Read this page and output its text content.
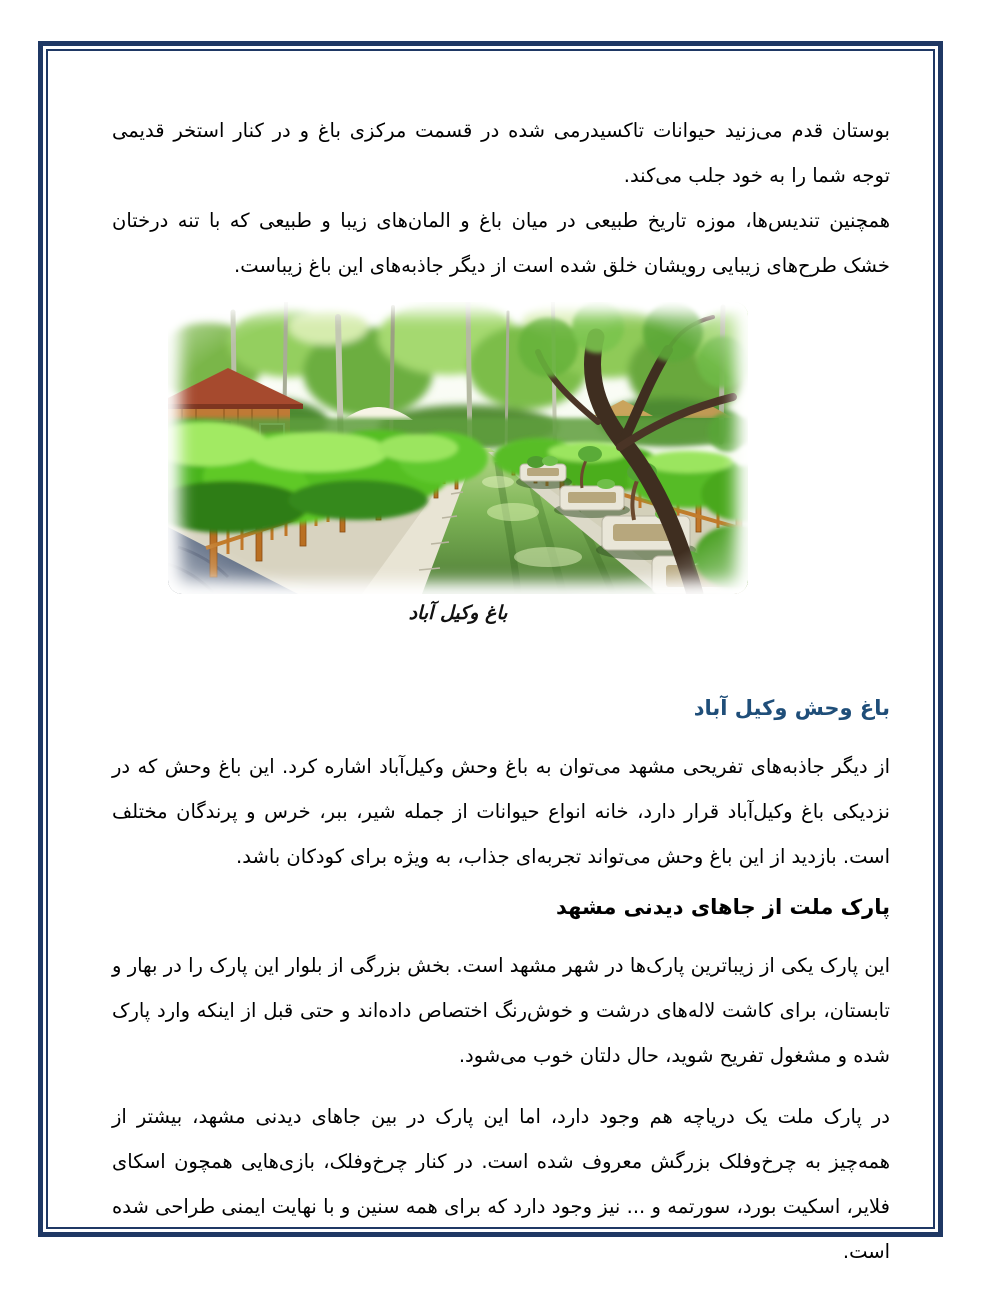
بوستان قدم می‌زنید حیوانات تاکسیدرمی شده در قسمت مرکزی باغ و در کنار استخر قدیمی توجه شما را به خود جلب می‌کند.

همچنین تندیس‌ها، موزه تاریخ طبیعی در میان باغ و المان‌های زیبا و طبیعی که با تنه درختان خشک طرح‌های زیبایی رویشان خلق شده است از دیگر جاذبه‌های این باغ زیباست.

باغ وکیل آباد
باغ وحش وکیل آباد

از دیگر جاذبه‌های تفریحی مشهد می‌توان به باغ وحش وکیل‌آباد اشاره کرد. این باغ وحش که در نزدیکی باغ وکیل‌آباد قرار دارد، خانه انواع حیوانات از جمله شیر، ببر، خرس و پرندگان مختلف است. بازدید از این باغ وحش می‌تواند تجربه‌ای جذاب، به ویژه برای کودکان باشد.

پارک ملت از جاهای دیدنی مشهد

این پارک یکی از زیباترین پارک‌ها در شهر مشهد است. بخش بزرگی از بلوار این پارک را در بهار و تابستان، برای کاشت لاله‌های درشت و خوش‌رنگ اختصاص داده‌اند و حتی قبل از اینکه وارد پارک شده و مشغول تفریح شوید، حال دلتان خوب می‌شود.

در پارک ملت یک دریاچه هم وجود دارد، اما این پارک در بین جاهای دیدنی مشهد، بیشتر از همه‌چیز به چرخ‌وفلک بزرگش معروف شده است. در کنار چرخ‌وفلک، بازی‌هایی همچون اسکای فلایر، اسکیت بورد، سورتمه و ... نیز وجود دارد که برای همه سنین و با نهایت ایمنی طراحی شده است.
